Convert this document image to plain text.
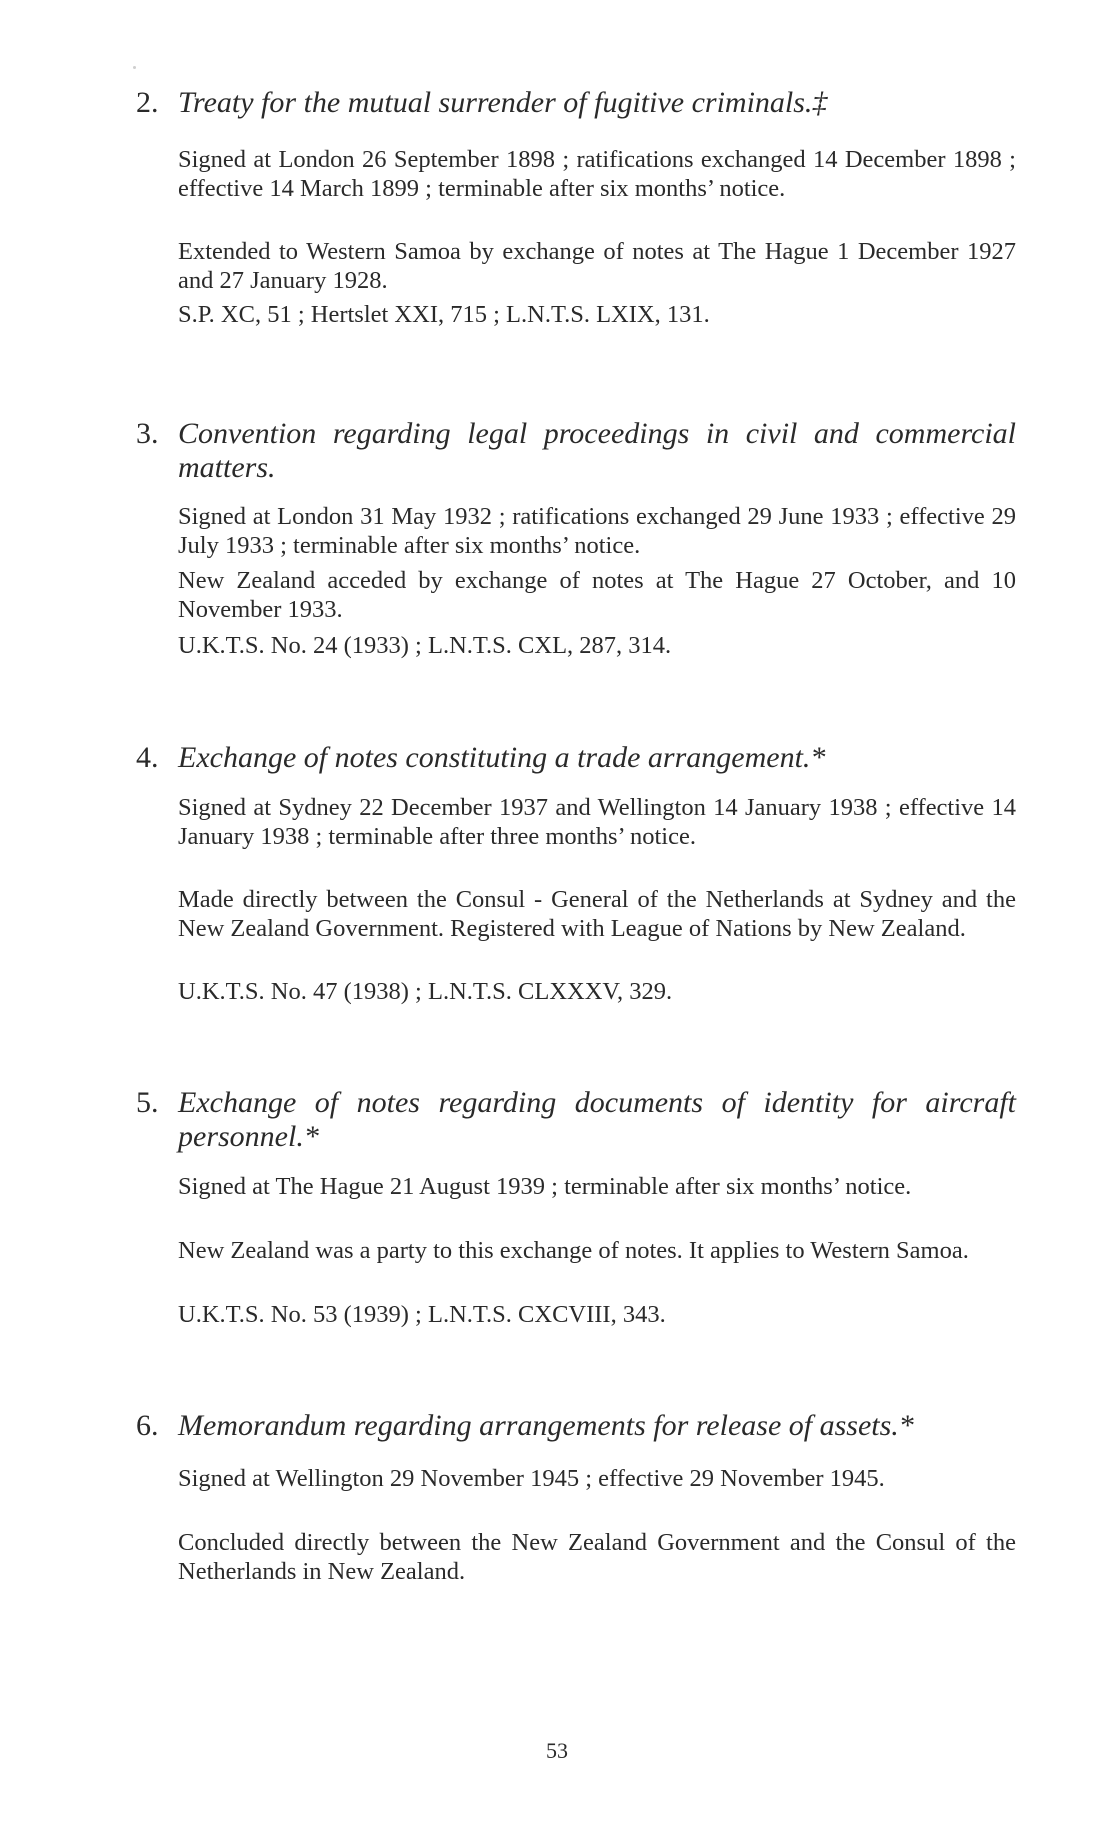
2. Treaty for the mutual surrender of fugitive criminals.‡
Signed at London 26 September 1898 ; ratifications exchanged 14 December 1898 ; effective 14 March 1899 ; terminable after six months’ notice.
Extended to Western Samoa by exchange of notes at The Hague 1 December 1927 and 27 January 1928.
S.P. XC, 51 ; Hertslet XXI, 715 ; L.N.T.S. LXIX, 131.
3. Convention regarding legal proceedings in civil and commercial matters.
Signed at London 31 May 1932 ; ratifications exchanged 29 June 1933 ; effective 29 July 1933 ; terminable after six months’ notice.
New Zealand acceded by exchange of notes at The Hague 27 October, and 10 November 1933.
U.K.T.S. No. 24 (1933) ; L.N.T.S. CXL, 287, 314.
4. Exchange of notes constituting a trade arrangement.*
Signed at Sydney 22 December 1937 and Wellington 14 January 1938 ; effective 14 January 1938 ; terminable after three months’ notice.
Made directly between the Consul - General of the Netherlands at Sydney and the New Zealand Government. Registered with League of Nations by New Zealand.
U.K.T.S. No. 47 (1938) ; L.N.T.S. CLXXXV, 329.
5. Exchange of notes regarding documents of identity for aircraft personnel.*
Signed at The Hague 21 August 1939 ; terminable after six months’ notice.
New Zealand was a party to this exchange of notes. It applies to Western Samoa.
U.K.T.S. No. 53 (1939) ; L.N.T.S. CXCVIII, 343.
6. Memorandum regarding arrangements for release of assets.*
Signed at Wellington 29 November 1945 ; effective 29 November 1945.
Concluded directly between the New Zealand Government and the Consul of the Netherlands in New Zealand.
53
